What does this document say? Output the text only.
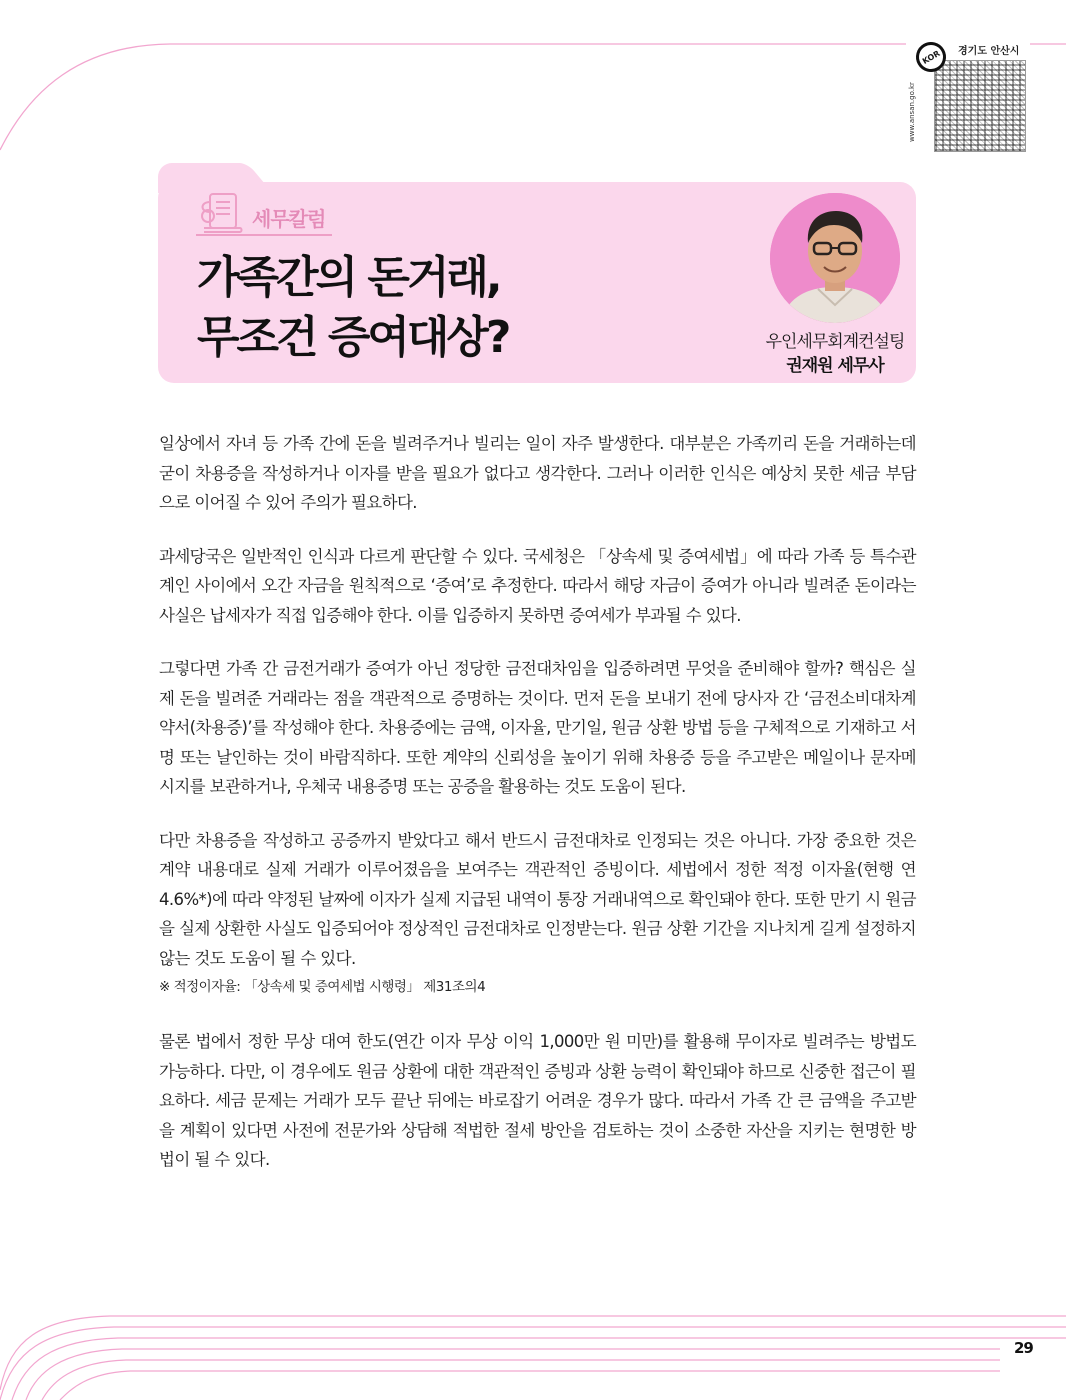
KOR	경기도 안산시
www.ansan.go.kr
세무칼럼
가족간의 돈거래,
무조건 증여대상?	우인세무회계컨설팅
권재원 세무사

일상에서 자녀 등 가족 간에 돈을 빌려주거나 빌리는 일이 자주 발생한다. 대부분은 가족끼리 돈을 거래하는데 굳이 차용증을 작성하거나 이자를 받을 필요가 없다고 생각한다. 그러나 이러한 인식은 예상치 못한 세금 부담으로 이어질 수 있어 주의가 필요하다.

과세당국은 일반적인 인식과 다르게 판단할 수 있다. 국세청은 「상속세 및 증여세법」에 따라 가족 등 특수관계인 사이에서 오간 자금을 원칙적으로 ‘증여’로 추정한다. 따라서 해당 자금이 증여가 아니라 빌려준 돈이라는 사실은 납세자가 직접 입증해야 한다. 이를 입증하지 못하면 증여세가 부과될 수 있다.

그렇다면 가족 간 금전거래가 증여가 아닌 정당한 금전대차임을 입증하려면 무엇을 준비해야 할까? 핵심은 실제 돈을 빌려준 거래라는 점을 객관적으로 증명하는 것이다. 먼저 돈을 보내기 전에 당사자 간 ‘금전소비대차계약서(차용증)’를 작성해야 한다. 차용증에는 금액, 이자율, 만기일, 원금 상환 방법 등을 구체적으로 기재하고 서명 또는 날인하는 것이 바람직하다. 또한 계약의 신뢰성을 높이기 위해 차용증 등을 주고받은 메일이나 문자메시지를 보관하거나, 우체국 내용증명 또는 공증을 활용하는 것도 도움이 된다.

다만 차용증을 작성하고 공증까지 받았다고 해서 반드시 금전대차로 인정되는 것은 아니다. 가장 중요한 것은 계약 내용대로 실제 거래가 이루어졌음을 보여주는 객관적인 증빙이다. 세법에서 정한 적정 이자율(현행 연 4.6%*)에 따라 약정된 날짜에 이자가 실제 지급된 내역이 통장 거래내역으로 확인돼야 한다. 또한 만기 시 원금을 실제 상환한 사실도 입증되어야 정상적인 금전대차로 인정받는다. 원금 상환 기간을 지나치게 길게 설정하지 않는 것도 도움이 될 수 있다.

※ 적정이자율: 「상속세 및 증여세법 시행령」 제31조의4

물론 법에서 정한 무상 대여 한도(연간 이자 무상 이익 1,000만 원 미만)를 활용해 무이자로 빌려주는 방법도 가능하다. 다만, 이 경우에도 원금 상환에 대한 객관적인 증빙과 상환 능력이 확인돼야 하므로 신중한 접근이 필요하다. 세금 문제는 거래가 모두 끝난 뒤에는 바로잡기 어려운 경우가 많다. 따라서 가족 간 큰 금액을 주고받을 계획이 있다면 사전에 전문가와 상담해 적법한 절세 방안을 검토하는 것이 소중한 자산을 지키는 현명한 방법이 될 수 있다.

29
